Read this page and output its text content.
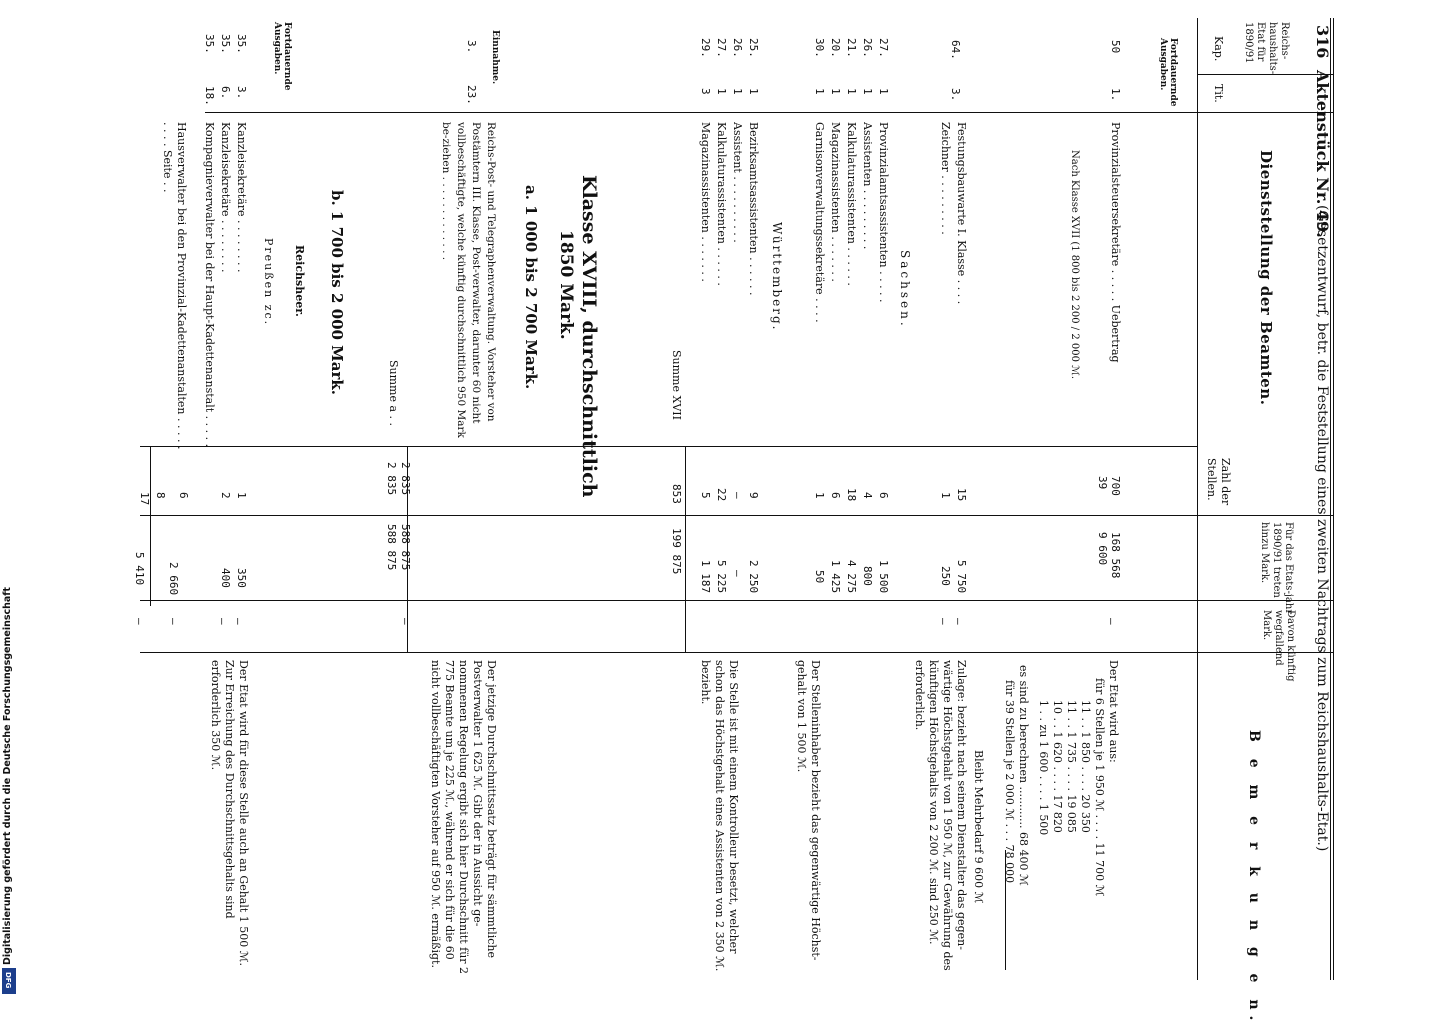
316
Aktenstück Nr. 49.
(Gesetzentwurf, betr. die Feststellung eines zweiten Nachtrags zum Reichshaushalts-Etat.)
Reichs-haushalts-Etat für 1890/91
Kap.
Tit.
Dienststellung der Beamten.
Zahl der Stellen.
Für das Etats-jahr 1890/91 treten hinzu Mark.
Davon künftig wegfallend Mark.
B e m e r k u n g e n.
Fortdauernde Ausgaben.
50
1.
Provinzialsteuersekretäre . . . . . Uebertrag
700
39
168 568
9 600
—
Nach Klasse XVII (1 800 bis 2 200 / 2 000 ℳ.
64.
3.
Festungsbauwarte I. Klasse . . . .
15
5 750
—
Zeichner . . . . . . . . .
1
250
—
Sachsen.
27.
1
Provinzialamtsassistenten . . . . .
6
1 500
26.
1
Assistenten . . . . . . . . .
4
800
21.
1
Kalkulaturassistenten . . . . . .
18
4 275
20.
1
Magazinassistenten . . . . . . .
6
1 425
30.
1
Garnisonverwaltungssekretäre . . . .
1
50
Württemberg.
25.
1
Bezirksamtsassistenten . . . . . .
9
2 250
26.
1
Assistent . . . . . . . . . .
—
—
27.
1
Kalkulaturassistenten . . . . . .
22
5 225
29.
3
Magazinassistenten . . . . . . .
5
1 187
Summe XVII
853
199 875
Klasse XVIII, durchschnittlich
1850 Mark.
a. 1 000 bis 2 700 Mark.
Einnahme.
3.
23.
Reichs-Post- und Telegraphenverwaltung. Vorsteher von Postämtern III. Klasse, Post-verwalter, darunter 60 nicht vollbeschäftigte, welche künftig durchschnittlich 950 Mark be-ziehen . . . . . . . . . . . . .
Summe a . .
2 835
2 835
588 875
588 875
—
b. 1 700 bis 2 000 Mark.
Reichsheer.
Preußen zc.
Fortdauernde Ausgaben.
35.
3.
Kanzleisekretäre . . . . . . . .
1
350
—
35.
6.
Kanzleisekretäre . . . . . . . .
2
400
—
35.
18.
Kompagnieverwalter bei der Haupt-Kadettenanstalt . . . . .
6
2 660
—
Hausverwalter bei den Provinzial-Kadettenanstalten . . . . . . . . . Seite . .
8
17
5 410
—
Der Etat wird aus:
für 6 Stellen je 1 950 ℳ . . . . 11 700 ℳ
11 . . 1 850 . . . . 20 350
11 . . 1 735 . . . . 19 085
10 . . 1 620 . . . . 17 820
1 . . zu 1 600 . . . . 1 500
es sind zu berechnen ............ 68 400 ℳ
für 39 Stellen je 2 000 ℳ . . . 78 000
Bleibt Mehrbedarf 9 600 ℳ
Zulage: bezieht nach seinem Dienstalter das gegen-wärtige Höchstgehalt von 1 950 ℳ, zur Gewährung des künftigen Höchstgehalts von 2 200 ℳ. sind 250 ℳ. erforderlich.
Der Stelleninhaber bezieht das gegenwärtige Höchst-gehalt von 1 500 ℳ.
Die Stelle ist mit einem Kontrolleur besetzt, welcher schon das Höchstgehalt eines Assistenten von 2 350 ℳ. bezieht.
Der jetzige Durchschnittssatz beträgt für sämmtliche Postverwalter 1 625 ℳ. Gibt der in Aussicht ge-nommenen Regelung ergibt sich hier Durchschnitt für 2 775 Beamte um je 225 ℳ., während er sich für die 60 nicht vollbeschäftigten Vorsteher auf 950 ℳ. ermäßigt.
Der Etat wird für diese Stelle auch an Gehalt 1 500 ℳ. Zur Erreichung des Durchschnittsgehalts sind erforderlich 350 ℳ.
Digitalisierung gefördert durch die Deutsche Forschungsgemeinschaft
DFG
